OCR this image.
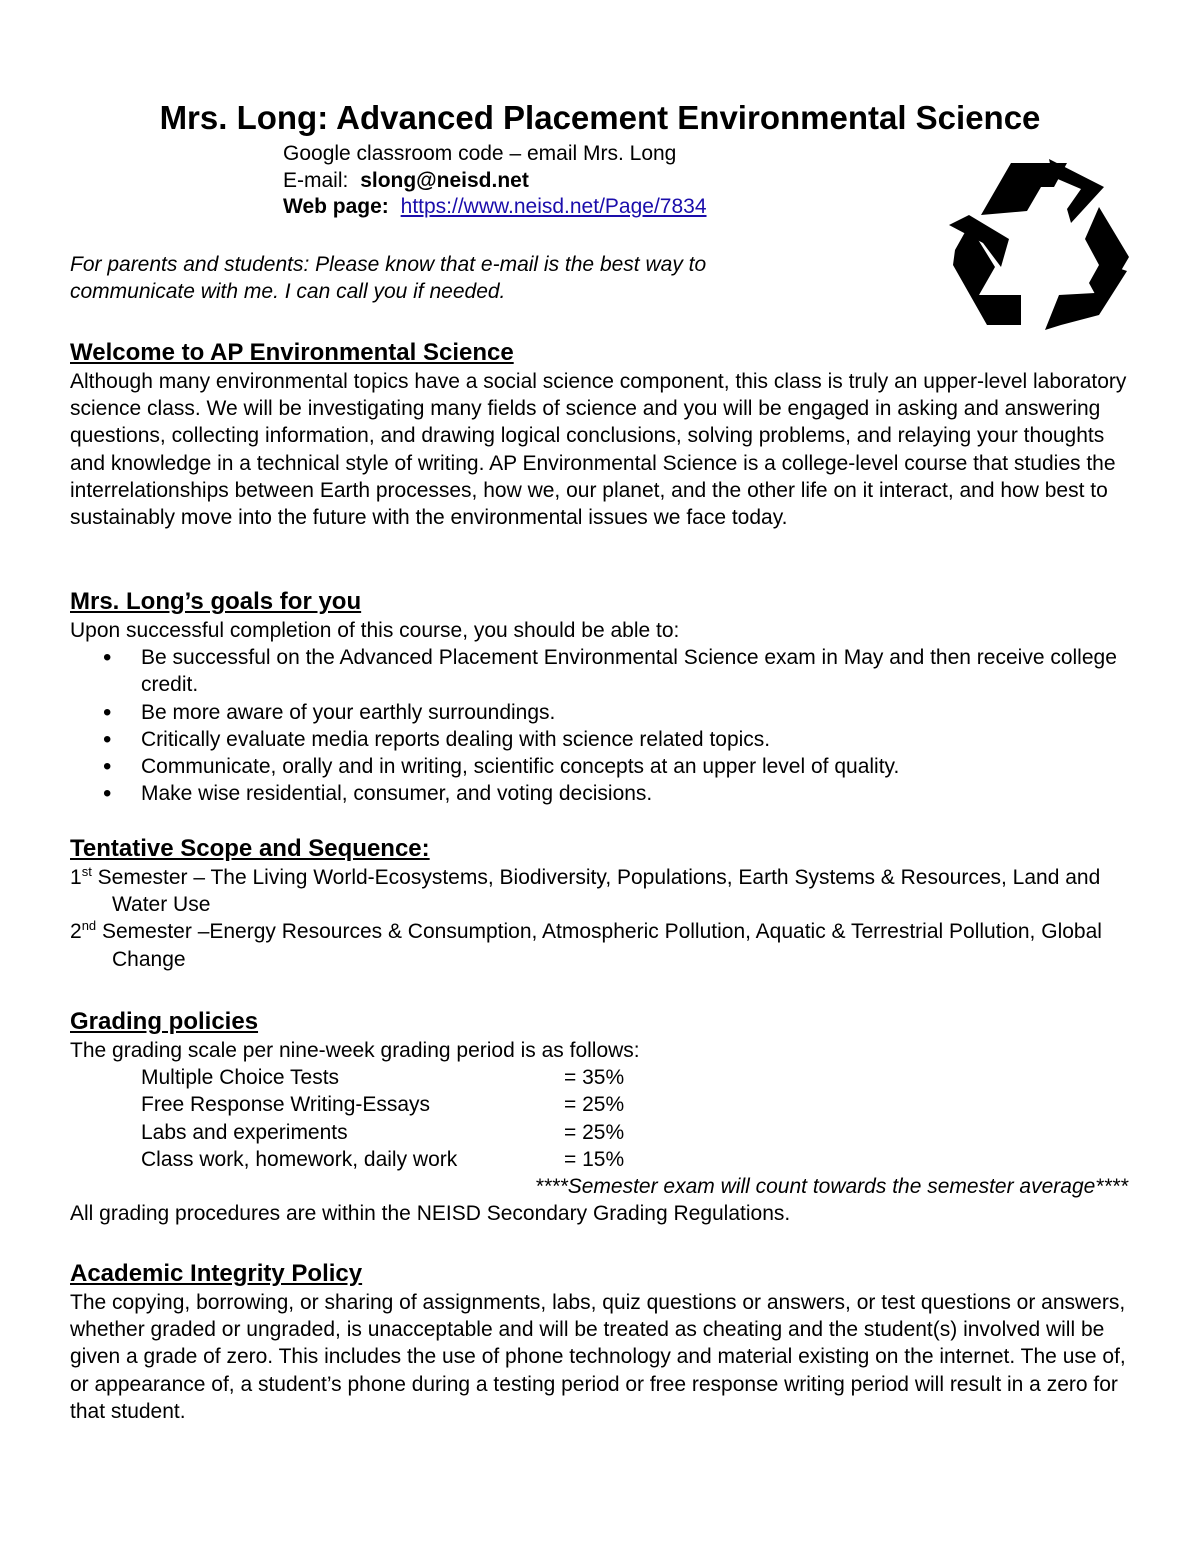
Mrs. Long: Advanced Placement Environmental Science
Google classroom code – email Mrs. Long
E-mail: slong@neisd.net
Web page: https://www.neisd.net/Page/7834
For parents and students: Please know that e-mail is the best way to communicate with me. I can call you if needed.
Welcome to AP Environmental Science
Although many environmental topics have a social science component, this class is truly an upper-level laboratory science class. We will be investigating many fields of science and you will be engaged in asking and answering questions, collecting information, and drawing logical conclusions, solving problems, and relaying your thoughts and knowledge in a technical style of writing. AP Environmental Science is a college-level course that studies the interrelationships between Earth processes, how we, our planet, and the other life on it interact, and how best to sustainably move into the future with the environmental issues we face today.
Mrs. Long’s goals for you
Upon successful completion of this course, you should be able to:
• Be successful on the Advanced Placement Environmental Science exam in May and then receive college credit.
• Be more aware of your earthly surroundings.
• Critically evaluate media reports dealing with science related topics.
• Communicate, orally and in writing, scientific concepts at an upper level of quality.
• Make wise residential, consumer, and voting decisions.
Tentative Scope and Sequence:
1st Semester – The Living World-Ecosystems, Biodiversity, Populations, Earth Systems & Resources, Land and Water Use
2nd Semester –Energy Resources & Consumption, Atmospheric Pollution, Aquatic & Terrestrial Pollution, Global Change
Grading policies
The grading scale per nine-week grading period is as follows:
Multiple Choice Tests	= 35%
Free Response Writing-Essays	= 25%
Labs and experiments	= 25%
Class work, homework, daily work	= 15%
****Semester exam will count towards the semester average****
All grading procedures are within the NEISD Secondary Grading Regulations.
Academic Integrity Policy
The copying, borrowing, or sharing of assignments, labs, quiz questions or answers, or test questions or answers, whether graded or ungraded, is unacceptable and will be treated as cheating and the student(s) involved will be given a grade of zero. This includes the use of phone technology and material existing on the internet. The use of, or appearance of, a student’s phone during a testing period or free response writing period will result in a zero for that student.
